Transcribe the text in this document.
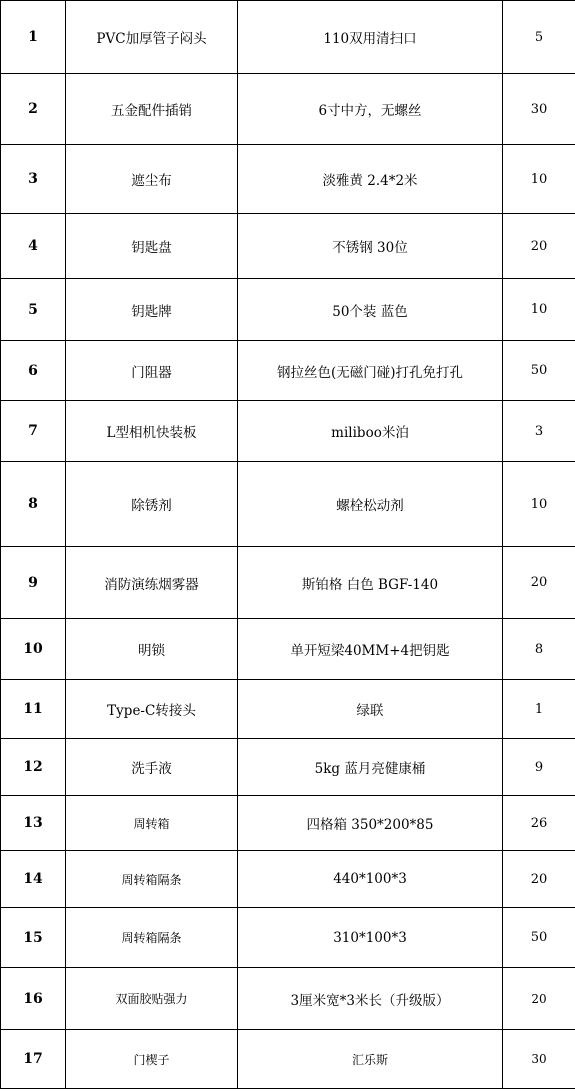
1	PVC加厚管子闷头	110双用清扫口	5
2	五金配件插销	6寸中方，无螺丝	30
3	遮尘布	淡雅黄 2.4*2米	10
4	钥匙盘	不锈钢 30位	20
5	钥匙牌	50个装 蓝色	10
6	门阻器	钢拉丝色(无磁门碰)打孔免打孔	50
7	L型相机快装板	miliboo米泊	3
8	除锈剂	螺栓松动剂	10
9	消防演练烟雾器	斯铂格 白色 BGF-140	20
10	明锁	单开短梁40MM+4把钥匙	8
11	Type-C转接头	绿联	1
12	洗手液	5kg 蓝月亮健康桶	9
13	周转箱	四格箱 350*200*85	26
14	周转箱隔条	440*100*3	20
15	周转箱隔条	310*100*3	50
16	双面胶贴强力	3厘米宽*3米长（升级版）	20
17	门楔子	汇乐斯	30
